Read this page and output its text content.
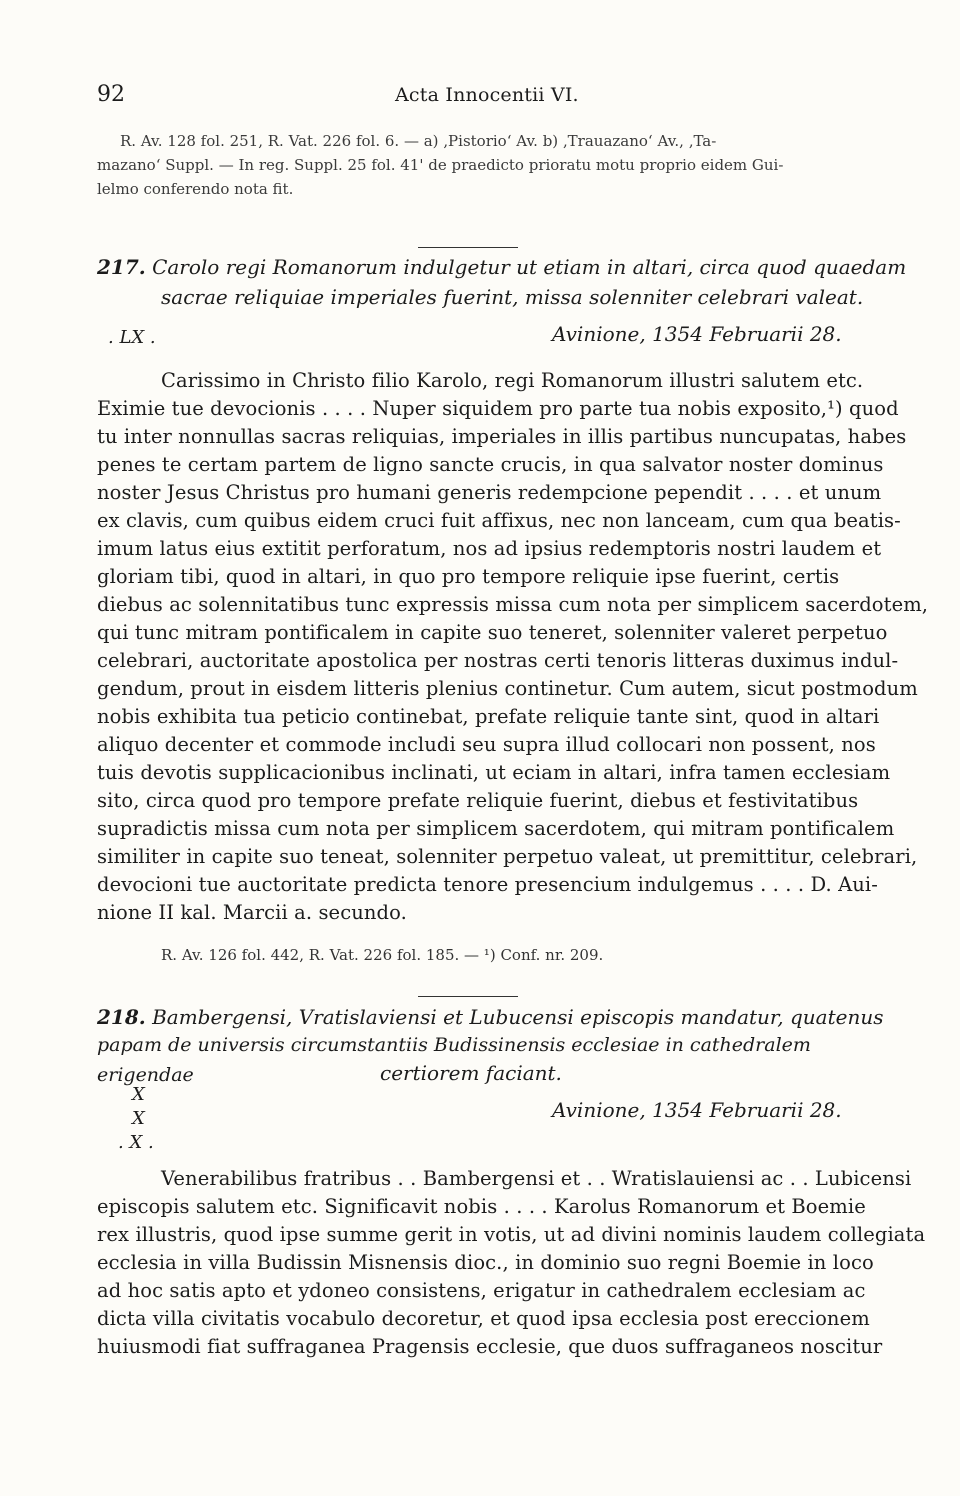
92	Acta Innocentii VI.
R. Av. 128 fol. 251, R. Vat. 226 fol. 6. — a) ‚Pistorio‘ Av. b) ‚Trauazano‘ Av., ‚Ta-
mazano‘ Suppl. — In reg. Suppl. 25 fol. 41' de praedicto prioratu motu proprio eidem Gui-
lelmo conferendo nota fit.
217. Carolo regi Romanorum indulgetur ut etiam in altari, circa quod quaedam
sacrae reliquiae imperiales fuerint, missa solenniter celebrari valeat.
. LX .	Avinione, 1354 Februarii 28.
Carissimo in Christo filio Karolo, regi Romanorum illustri salutem etc.
Eximie tue devocionis . . . . Nuper siquidem pro parte tua nobis exposito,¹) quod
tu inter nonnullas sacras reliquias, imperiales in illis partibus nuncupatas, habes
penes te certam partem de ligno sancte crucis, in qua salvator noster dominus
noster Jesus Christus pro humani generis redempcione pependit . . . . et unum
ex clavis, cum quibus eidem cruci fuit affixus, nec non lanceam, cum qua beatis-
imum latus eius extitit perforatum, nos ad ipsius redemptoris nostri laudem et
gloriam tibi, quod in altari, in quo pro tempore reliquie ipse fuerint, certis
diebus ac solennitatibus tunc expressis missa cum nota per simplicem sacerdotem,
qui tunc mitram pontificalem in capite suo teneret, solenniter valeret perpetuo
celebrari, auctoritate apostolica per nostras certi tenoris litteras duximus indul-
gendum, prout in eisdem litteris plenius continetur. Cum autem, sicut postmodum
nobis exhibita tua peticio continebat, prefate reliquie tante sint, quod in altari
aliquo decenter et commode includi seu supra illud collocari non possent, nos
tuis devotis supplicacionibus inclinati, ut eciam in altari, infra tamen ecclesiam
sito, circa quod pro tempore prefate reliquie fuerint, diebus et festivitatibus
supradictis missa cum nota per simplicem sacerdotem, qui mitram pontificalem
similiter in capite suo teneat, solenniter perpetuo valeat, ut premittitur, celebrari,
devocioni tue auctoritate predicta tenore presencium indulgemus . . . . D. Aui-
nione II kal. Marcii a. secundo.
R. Av. 126 fol. 442, R. Vat. 226 fol. 185. — ¹) Conf. nr. 209.
218. Bambergensi, Vratislaviensi et Lubucensi episcopis mandatur, quatenus
papam de universis circumstantiis Budissinensis ecclesiae in cathedralem erigendae	certiorem faciant.
X
X
. X .
Avinione, 1354 Februarii 28.
Venerabilibus fratribus . . Bambergensi et . . Wratislauiensi ac . . Lubicensi
episcopis salutem etc. Significavit nobis . . . . Karolus Romanorum et Boemie
rex illustris, quod ipse summe gerit in votis, ut ad divini nominis laudem collegiata
ecclesia in villa Budissin Misnensis dioc., in dominio suo regni Boemie in loco
ad hoc satis apto et ydoneo consistens, erigatur in cathedralem ecclesiam ac
dicta villa civitatis vocabulo decoretur, et quod ipsa ecclesia post ereccionem
huiusmodi fiat suffraganea Pragensis ecclesie, que duos suffraganeos noscitur
